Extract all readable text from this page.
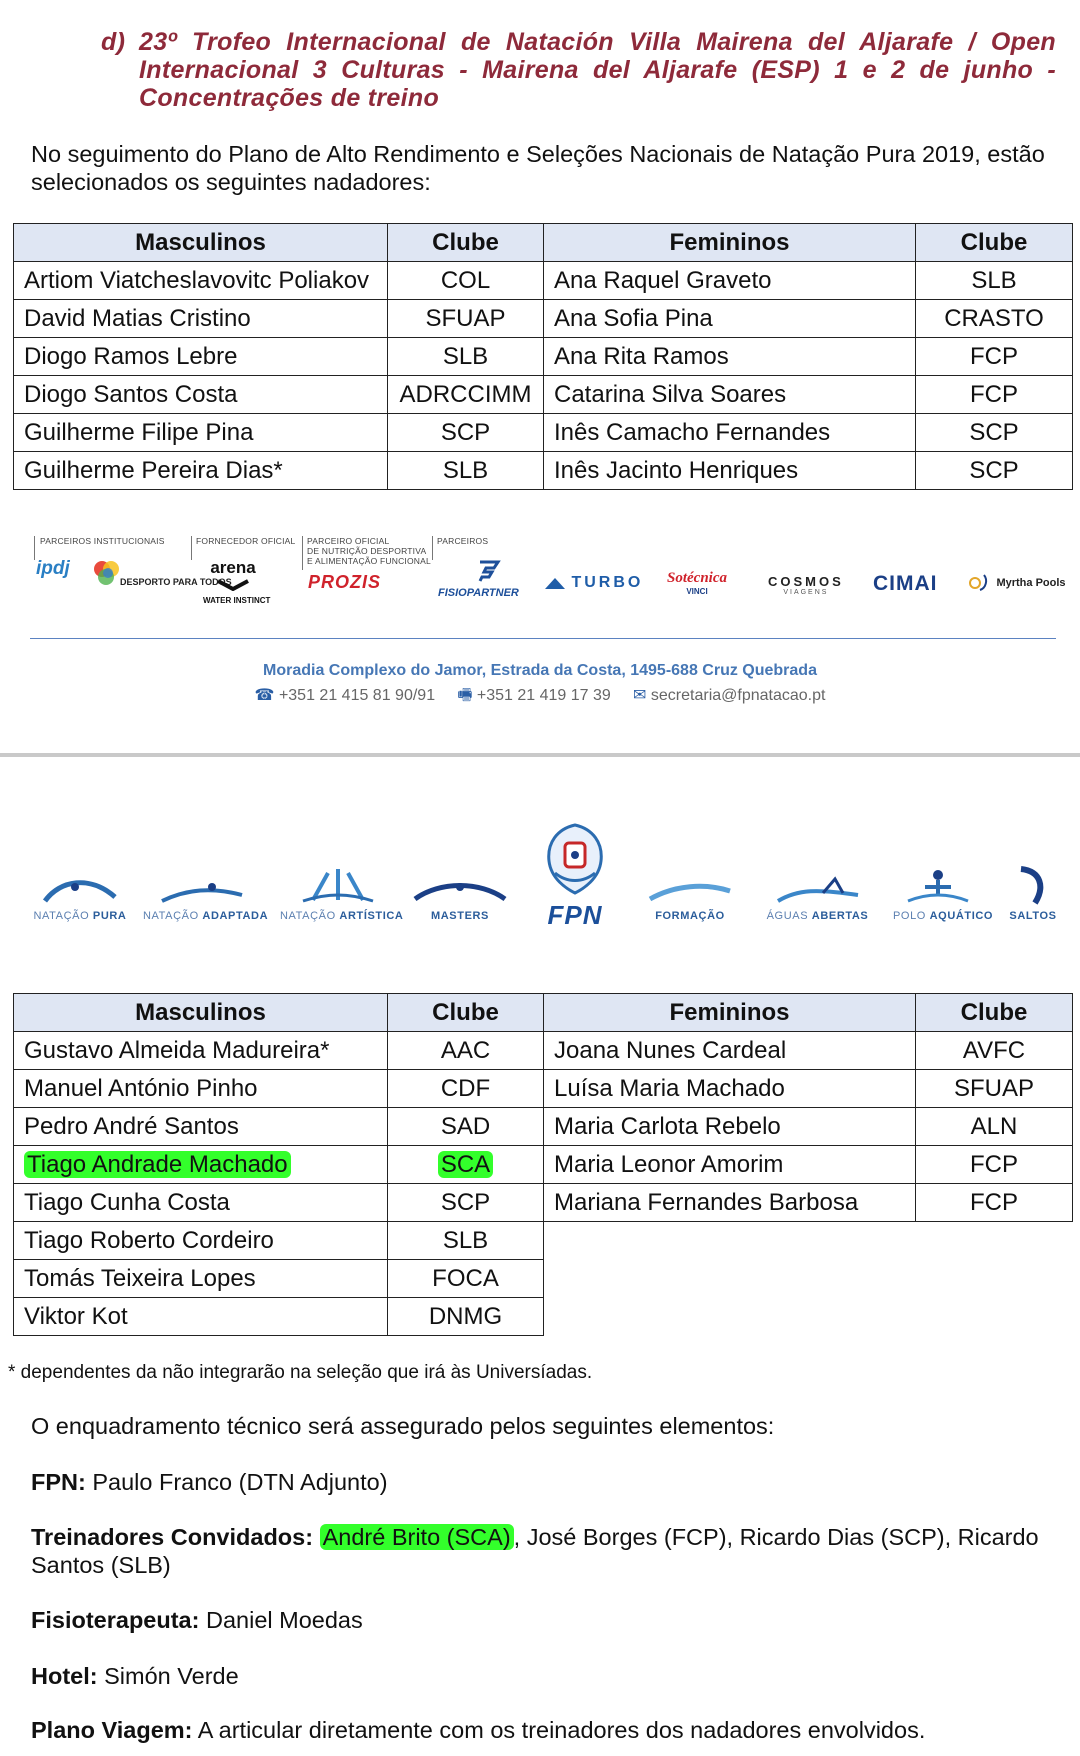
d) 23º Trofeo Internacional de Natación Villa Mairena del Aljarafe / Open
Internacional 3 Culturas - Mairena del Aljarafe (ESP) 1 e 2 de junho -
Concentrações de treino
No seguimento do Plano de Alto Rendimento e Seleções Nacionais de Natação Pura 2019, estão selecionados os seguintes nadadores:
Masculinos	Clube	Femininos	Clube
Artiom Viatcheslavovitc Poliakov	COL	Ana Raquel Graveto	SLB
David Matias Cristino	SFUAP	Ana Sofia Pina	CRASTO
Diogo Ramos Lebre	SLB	Ana Rita Ramos	FCP
Diogo Santos Costa	ADRCCIMM	Catarina Silva Soares	FCP
Guilherme Filipe Pina	SCP	Inês Camacho Fernandes	SCP
Guilherme Pereira Dias*	SLB	Inês Jacinto Henriques	SCP
PARCEIROS INSTITUCIONAIS	FORNECEDOR OFICIAL PARCEIRO OFICIAL
DE NUTRIÇÃO DESPORTIVA
E ALIMENTAÇÃO FUNCIONAL
PARCEIROS
ipdj
DESPORTO PARA TODOS
arena
WATER INSTINCT
PROZIS
FISIOPARTNER
TURBO Sotécnica
VINCI
COSMOS
VIAGENS	CIMAI	Myrtha Pools
Moradia Complexo do Jamor, Estrada da Costa, 1495-688 Cruz Quebrada
☎ +351 21 415 81 90/91 🖷 +351 21 419 17 39 ✉ secretaria@fpnatacao.pt
NATAÇÃO PURA	NATAÇÃO ADAPTADA NATAÇÃO ARTÍSTICA	MASTERS	FPN	FORMAÇÃO	ÁGUAS ABERTAS POLO AQUÁTICO	SALTOS
Masculinos	Clube	Femininos	Clube
Gustavo Almeida Madureira*	AAC	Joana Nunes Cardeal	AVFC
Manuel António Pinho	CDF	Luísa Maria Machado	SFUAP
Pedro André Santos	SAD	Maria Carlota Rebelo	ALN
Tiago Andrade Machado	SCA	Maria Leonor Amorim	FCP
Tiago Cunha Costa	SCP	Mariana Fernandes Barbosa	FCP
Tiago Roberto Cordeiro	SLB		
Tomás Teixeira Lopes	FOCA		
Viktor Kot	DNMG		
* dependentes da não integrarão na seleção que irá às Universíadas.
O enquadramento técnico será assegurado pelos seguintes elementos:
FPN: Paulo Franco (DTN Adjunto)
Treinadores Convidados: André Brito (SCA) , José Borges (FCP), Ricardo Dias (SCP), Ricardo Santos (SLB)
Fisioterapeuta: Daniel Moedas
Hotel: Simón Verde
Plano Viagem: A articular diretamente com os treinadores dos nadadores envolvidos.
